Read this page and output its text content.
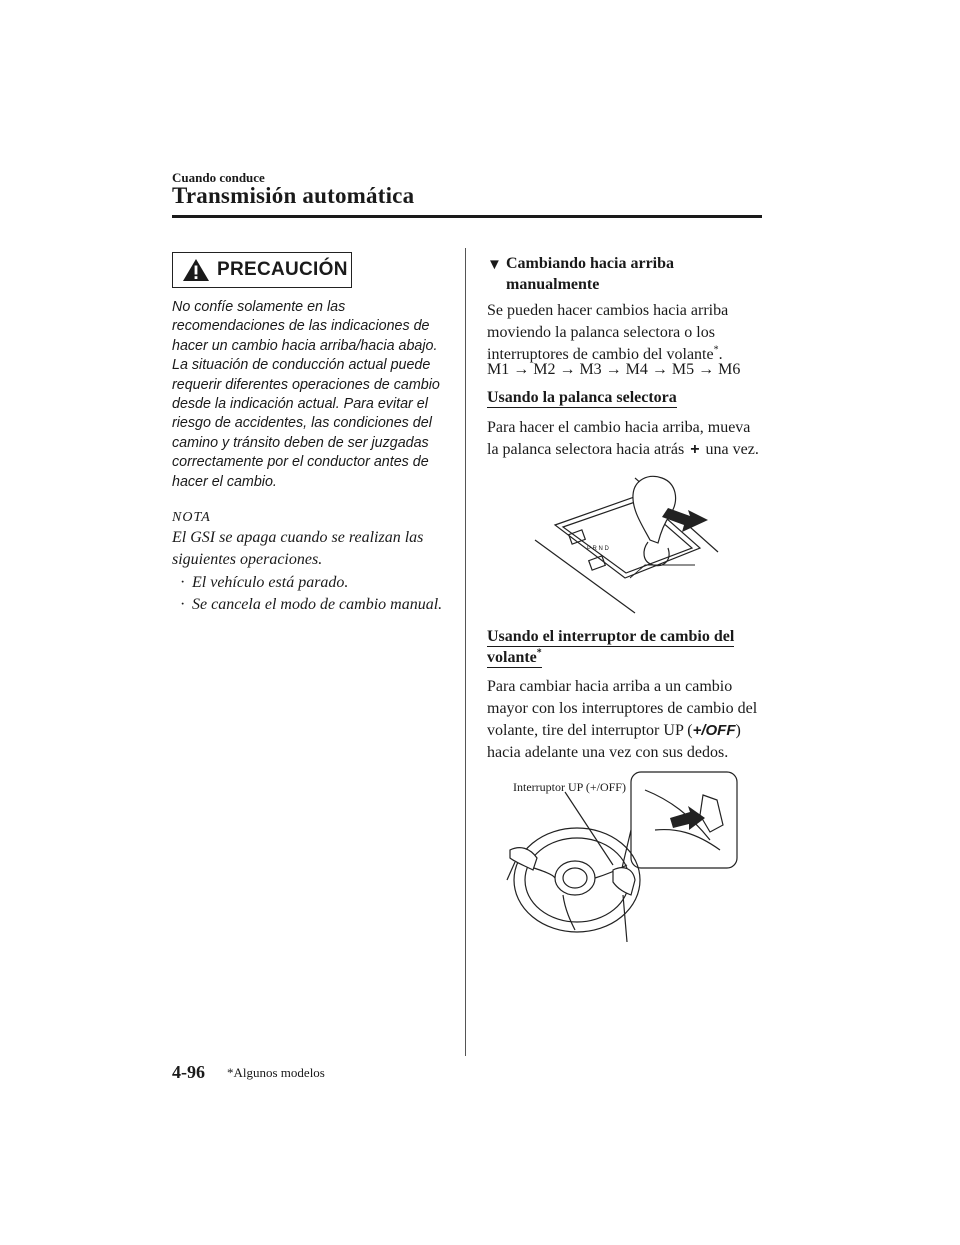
Cuando conduce
Transmisión automática
PRECAUCIÓN

No confíe solamente en las

recomendaciones de las indicaciones de

hacer un cambio hacia arriba/hacia abajo.

La situación de conducción actual puede

requerir diferentes operaciones de cambio

desde la indicación actual. Para evitar el

riesgo de accidentes, las condiciones del

camino y tránsito deben de ser juzgadas

correctamente por el conductor antes de

hacer el cambio.

NOTA
El GSI se apaga cuando se realizan las
siguientes operaciones.
· El vehículo está parado.
· Se cancela el modo de cambio manual.
▼ Cambiando hacia arriba
manualmente
Se pueden hacer cambios hacia arriba
moviendo la palanca selectora o los
interruptores de cambio del volante*.
M1 → M2 → M3 → M4 → M5 → M6
Usando la palanca selectora
Para hacer el cambio hacia arriba, mueva
la palanca selectora hacia atrás + una vez.
P R N D
Usando el interruptor de cambio del
volante*
Para cambiar hacia arriba a un cambio
mayor con los interruptores de cambio del
volante, tire del interruptor UP (+/OFF)
hacia adelante una vez con sus dedos.
Interruptor UP (+/OFF)
4-96 *Algunos modelos
